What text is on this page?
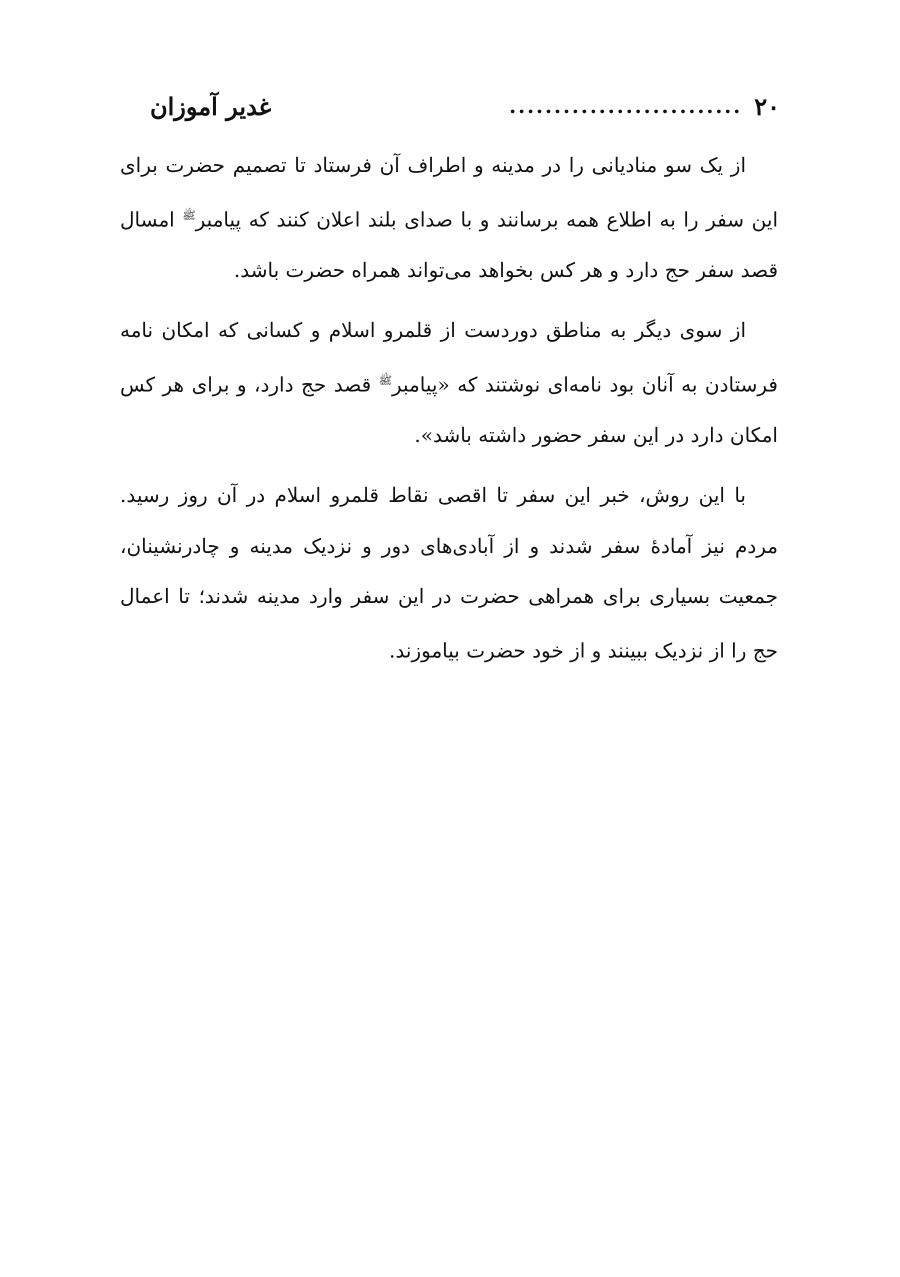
۲۰
..........................
غدیر آموزان

از یک سو منادیانی را در مدینه و اطراف آن فرستاد تا تصمیم حضرت برای این سفر را به اطلاع همه برسانند و با صدای بلند اعلان کنند که پیامبر$^ﷺ$ امسال قصد سفر حج دارد و هر کس بخواهد می‌تواند همراه حضرت باشد.

از سوی دیگر به مناطق دوردست از قلمرو اسلام و کسانی که امکان نامه فرستادن به آنان بود نامه‌ای نوشتند که «پیامبر$^ﷺ$ قصد حج دارد، و برای هر کس امکان دارد در این سفر حضور داشته باشد».

با این روش، خبر این سفر تا اقصی نقاط قلمرو اسلام در آن روز رسید. مردم نیز آمادهٔ سفر شدند و از آبادی‌های دور و نزدیک مدینه و چادرنشینان، جمعیت بسیاری برای همراهی حضرت در این سفر وارد مدینه شدند؛ تا اعمال حج را از نزدیک ببینند و از خود حضرت بیاموزند.
